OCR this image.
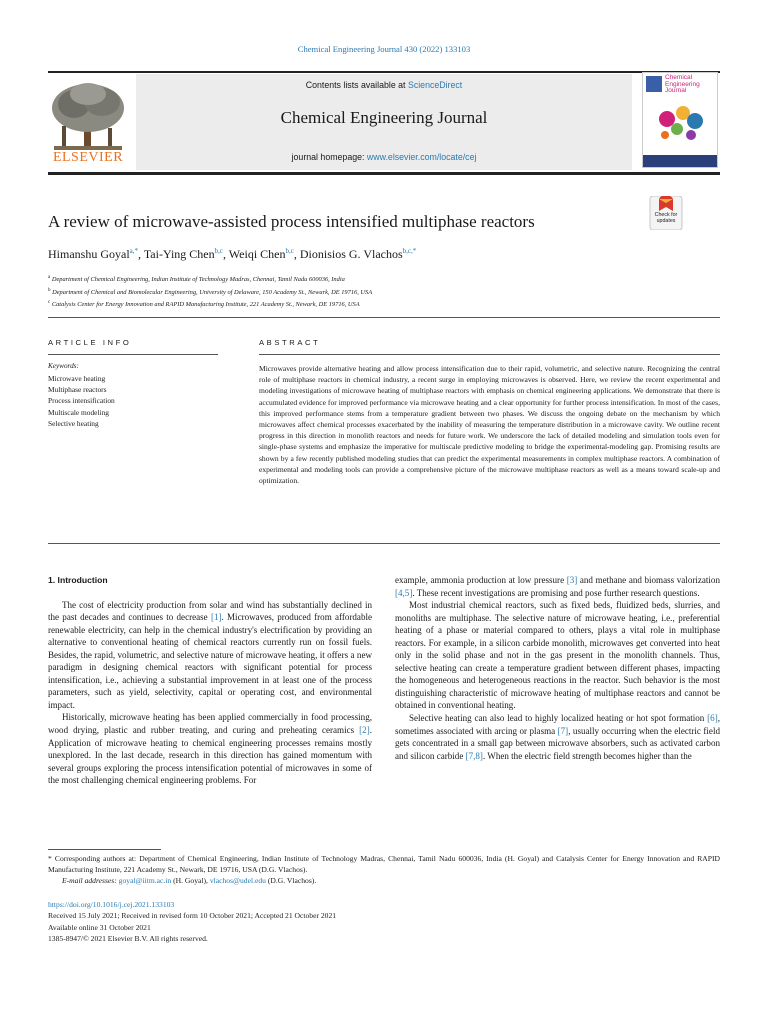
Chemical Engineering Journal 430 (2022) 133103
ELSEVIER
Contents lists available at ScienceDirect
Chemical Engineering Journal
journal homepage: www.elsevier.com/locate/cej
Chemical
Engineering
Journal
A review of microwave-assisted process intensified multiphase reactors	Check for
updates
Himanshu Goyal$^{a,*}$, Tai-Ying Chen$^{b,c}$, Weiqi Chen$^{b,c}$, Dionisios G. Vlachos$^{b,c,*}$
$^a$ Department of Chemical Engineering, Indian Institute of Technology Madras, Chennai, Tamil Nadu 600036, India
$^b$ Department of Chemical and Biomolecular Engineering, University of Delaware, 150 Academy St., Newark, DE 19716, USA
$^c$ Catalysis Center for Energy Innovation and RAPID Manufacturing Institute, 221 Academy St., Newark, DE 19716, USA
ARTICLE INFO
Keywords:
Microwave heating
Multiphase reactors
Process intensification
Multiscale modeling
Selective heating
ABSTRACT
Microwaves provide alternative heating and allow process intensification due to their rapid, volumetric, and selective nature. Recognizing the central role of multiphase reactors in chemical industry, a recent surge in employing microwaves is observed. Here, we review the recent experimental and modeling investigations of microwave heating of multiphase reactors with emphasis on chemical engineering applications. We demonstrate that there is accumulated evidence for improved performance via microwave heating and a clear opportunity for further process intensification. In most of the cases, this improved performance stems from a temperature gradient between two phases. We discuss the ongoing debate on the mechanism by which microwaves affect chemical processes exacerbated by the inability of measuring the temperature distribution in a microwave cavity. We outline recent progress in this direction in monolith reactors and needs for future work. We underscore the lack of detailed modeling and simulation tools even for single-phase systems and emphasize the imperative for multiscale predictive modeling to bridge the experimental-modeling gap. Promising results are shown by a few recently published modeling studies that can predict the experimental measurements in complex multiphase reactors. A combination of experimental and modeling tools can provide a comprehensive picture of the microwave multiphase reactors as well as a means toward scale-up and optimization.
1. Introduction

The cost of electricity production from solar and wind has substantially declined in the past decades and continues to decrease [1]. Microwaves, produced from affordable renewable electricity, can help in the chemical industry's electrification by providing an alternative to conventional heating of chemical reactors currently run on fossil fuels. Besides, the rapid, volumetric, and selective nature of microwave heating, it offers a new paradigm in designing chemical reactors with significant potential for process intensification, i.e., achieving a substantial improvement in at least one of the process parameters, such as yield, selectivity, capital or operating cost, and environmental impact.

Historically, microwave heating has been applied commercially in food processing, wood drying, plastic and rubber treating, and curing and preheating ceramics [2]. Application of microwave heating to chemical engineering processes remains mostly unexplored. In the last decade, research in this direction has gained momentum with several groups exploring the process intensification potential of microwaves in some of the most challenging chemical engineering problems. For

example, ammonia production at low pressure [3] and methane and biomass valorization [4,5]. These recent investigations are promising and pose further research questions.

Most industrial chemical reactors, such as fixed beds, fluidized beds, slurries, and monoliths are multiphase. The selective nature of microwave heating, i.e., preferential heating of a phase or material compared to others, plays a vital role in multiphase reactors. For example, in a silicon carbide monolith, microwaves get converted into heat only in the solid phase and not in the gas present in the monolith channels. Thus, selective heating can create a temperature gradient between different phases, impacting the homogeneous and heterogeneous reactions in the reactor. Such behavior is the most distinguishing characteristic of microwave heating of multiphase reactors and cannot be obtained in conventional heating.

Selective heating can also lead to highly localized heating or hot spot formation [6], sometimes associated with arcing or plasma [7], usually occurring when the electric field gets concentrated in a small gap between microwave absorbers, such as activated carbon and silicon carbide [7,8]. When the electric field strength becomes higher than the

* Corresponding authors at: Department of Chemical Engineering, Indian Institute of Technology Madras, Chennai, Tamil Nadu 600036, India (H. Goyal) and Catalysis Center for Energy Innovation and RAPID Manufacturing Institute, 221 Academy St., Newark, DE 19716, USA (D.G. Vlachos).
E-mail addresses: goyal@iitm.ac.in (H. Goyal), vlachos@udel.edu (D.G. Vlachos).
https://doi.org/10.1016/j.cej.2021.133103
Received 15 July 2021; Received in revised form 10 October 2021; Accepted 21 October 2021
Available online 31 October 2021
1385-8947/© 2021 Elsevier B.V. All rights reserved.
